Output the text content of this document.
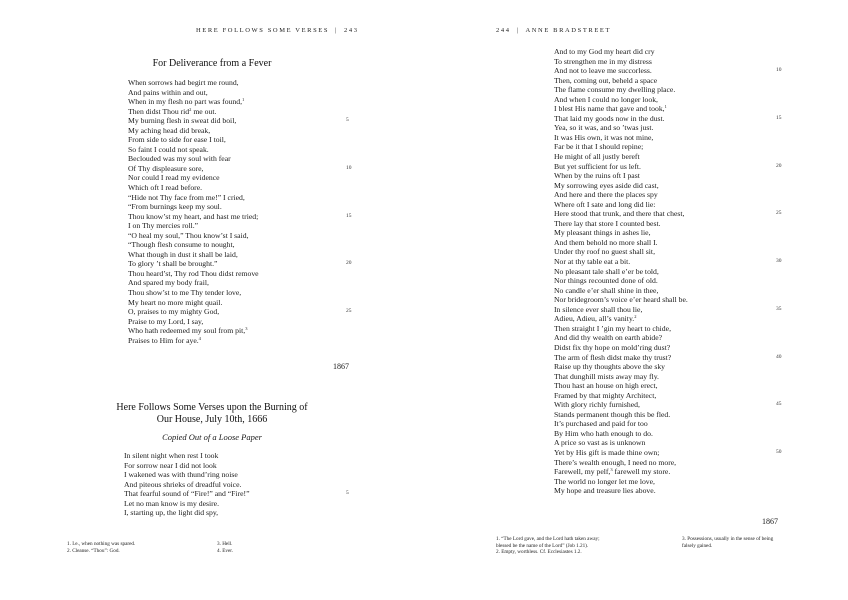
HERE FOLLOWS SOME VERSES | 243
For Deliverance from a Fever
When sorrows had begirt me round,
And pains within and out,
When in my flesh no part was found,$^1$
Then didst Thou rid$^2$ me out.
My burning flesh in sweat did boil,
My aching head did break,
From side to side for ease I toil,
So faint I could not speak.
Beclouded was my soul with fear
Of Thy displeasure sore,
Nor could I read my evidence
Which oft I read before.
“Hide not Thy face from me!” I cried,
“From burnings keep my soul.
Thou know’st my heart, and hast me tried;
I on Thy mercies roll.”
“O heal my soul,” Thou know’st I said,
“Though flesh consume to nought,
What though in dust it shall be laid,
To glory ’t shall be brought.”
Thou heard’st, Thy rod Thou didst remove
And spared my body frail,
Thou show’st to me Thy tender love,
My heart no more might quail.
O, praises to my mighty God,
Praise to my Lord, I say,
Who hath redeemed my soul from pit,$^3$
Praises to Him for aye.$^4$
5
10
15
20
25
1867
Here Follows Some Verses upon the Burning of
Our House, July 10th, 1666
Copied Out of a Loose Paper
In silent night when rest I took
For sorrow near I did not look
I wakened was with thund’ring noise
And piteous shrieks of dreadful voice.
That fearful sound of “Fire!” and “Fire!”
Let no man know is my desire.
I, starting up, the light did spy,
5
1. I.e., when nothing was spared.
2. Cleanse. “Thou”: God.
3. Hell.
4. Ever.
244 | ANNE BRADSTREET
And to my God my heart did cry
To strengthen me in my distress
And not to leave me succorless.
Then, coming out, beheld a space
The flame consume my dwelling place.
And when I could no longer look,
I blest His name that gave and took,$^1$
That laid my goods now in the dust.
Yea, so it was, and so ’twas just.
It was His own, it was not mine,
Far be it that I should repine;
He might of all justly bereft
But yet sufficient for us left.
When by the ruins oft I past
My sorrowing eyes aside did cast,
And here and there the places spy
Where oft I sate and long did lie:
Here stood that trunk, and there that chest,
There lay that store I counted best.
My pleasant things in ashes lie,
And them behold no more shall I.
Under thy roof no guest shall sit,
Nor at thy table eat a bit.
No pleasant tale shall e’er be told,
Nor things recounted done of old.
No candle e’er shall shine in thee,
Nor bridegroom’s voice e’er heard shall be.
In silence ever shall thou lie,
Adieu, Adieu, all’s vanity.$^2$
Then straight I ’gin my heart to chide,
And did thy wealth on earth abide?
Didst fix thy hope on mold’ring dust?
The arm of flesh didst make thy trust?
Raise up thy thoughts above the sky
That dunghill mists away may fly.
Thou hast an house on high erect,
Framed by that mighty Architect,
With glory richly furnished,
Stands permanent though this be fled.
It’s purchased and paid for too
By Him who hath enough to do.
A price so vast as is unknown
Yet by His gift is made thine own;
There’s wealth enough, I need no more,
Farewell, my pelf,$^3$ farewell my store.
The world no longer let me love,
My hope and treasure lies above.
10
15
20
25
30
35
40
45
50
1867
1. “The Lord gave, and the Lord hath taken away;
blessed be the name of the Lord” (Job 1.21).
2. Empty, worthless. Cf. Ecclesiastes 1.2.
3. Possessions, usually in the sense of being
falsely gained.
